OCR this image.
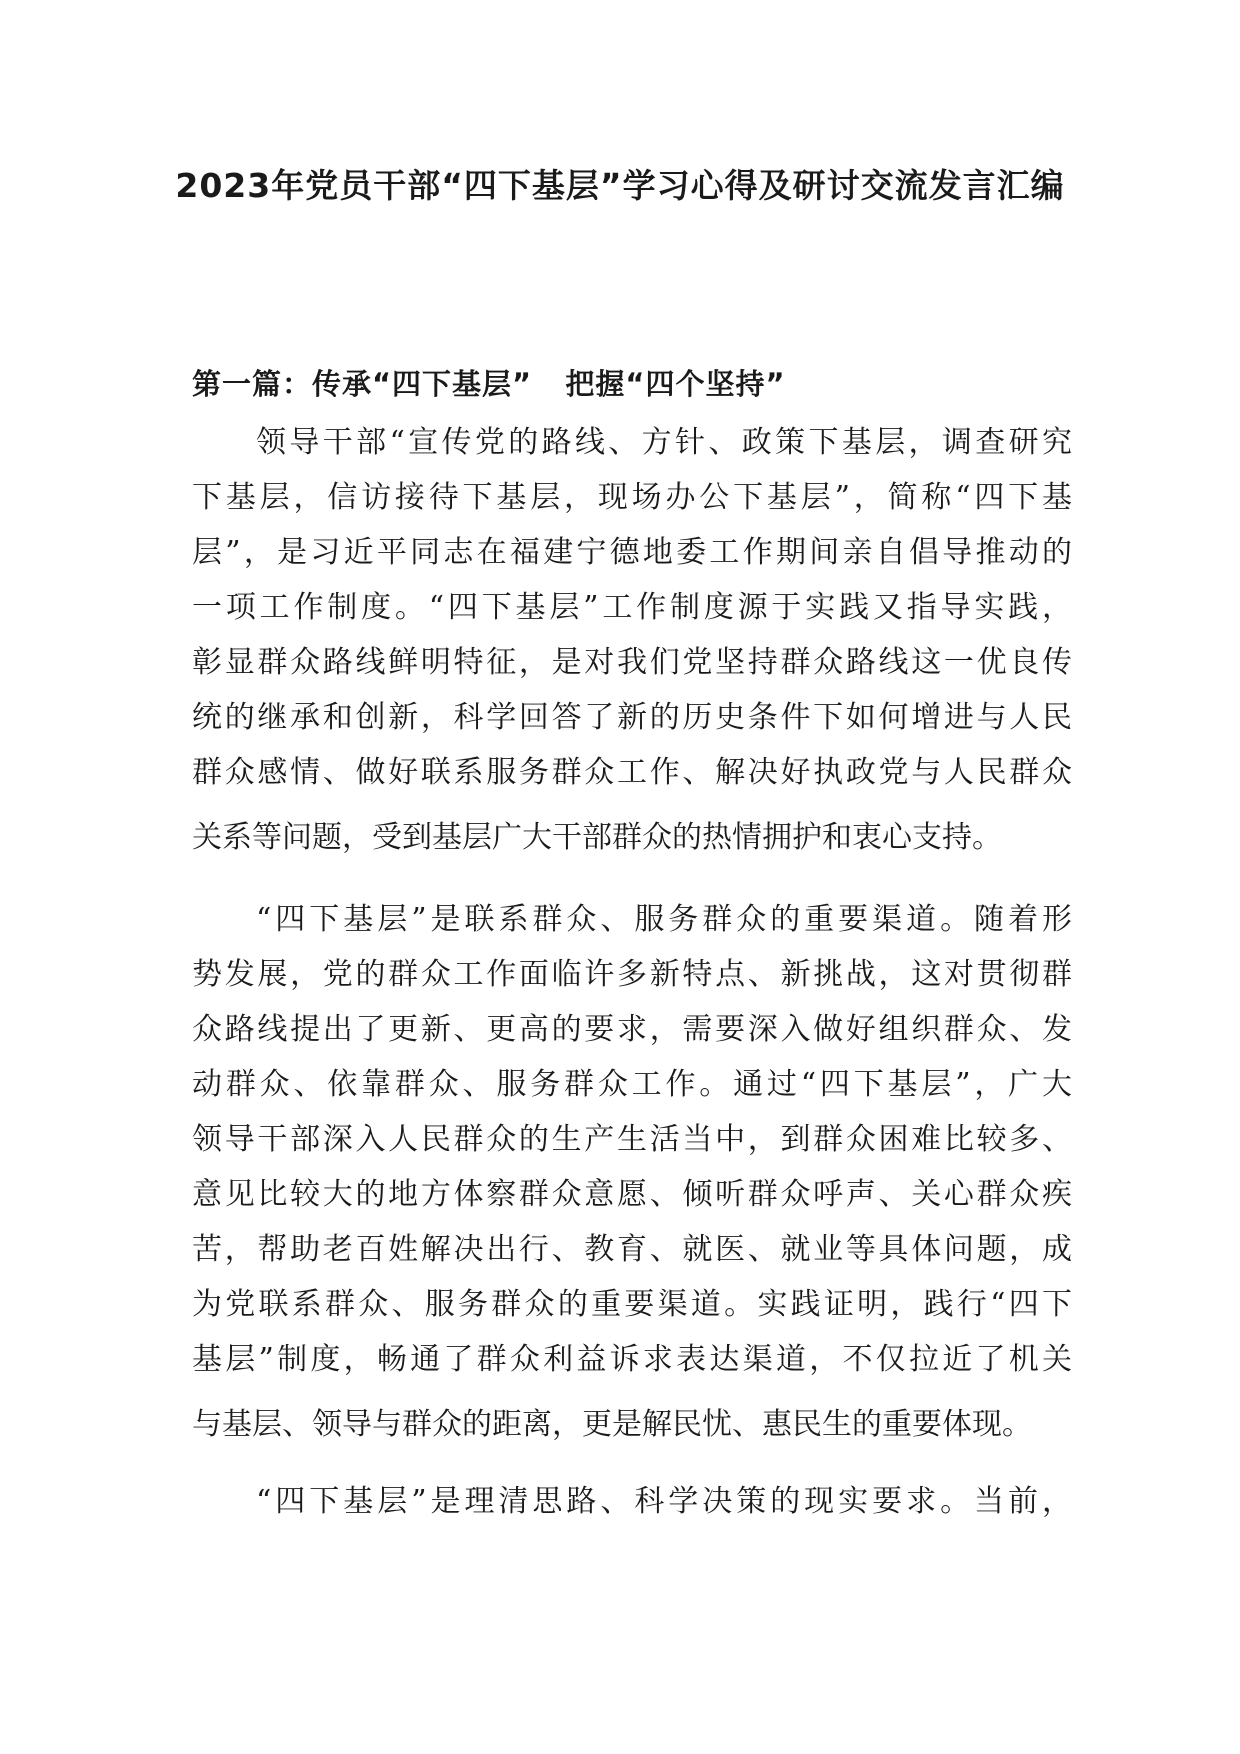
2023年党员干部“四下基层”学习心得及研讨交流发言汇编
第一篇：传承“四下基层”   把握“四个坚持”

领导干部“宣传党的路线、方针、政策下基层，调查研究

下基层，信访接待下基层，现场办公下基层”，简称“四下基

层”，是习近平同志在福建宁德地委工作期间亲自倡导推动的

一项工作制度。“四下基层”工作制度源于实践又指导实践，

彰显群众路线鲜明特征，是对我们党坚持群众路线这一优良传

统的继承和创新，科学回答了新的历史条件下如何增进与人民

群众感情、做好联系服务群众工作、解决好执政党与人民群众

关系等问题，受到基层广大干部群众的热情拥护和衷心支持。

“四下基层”是联系群众、服务群众的重要渠道。随着形

势发展，党的群众工作面临许多新特点、新挑战，这对贯彻群

众路线提出了更新、更高的要求，需要深入做好组织群众、发

动群众、依靠群众、服务群众工作。通过“四下基层”，广大

领导干部深入人民群众的生产生活当中，到群众困难比较多、

意见比较大的地方体察群众意愿、倾听群众呼声、关心群众疾

苦，帮助老百姓解决出行、教育、就医、就业等具体问题，成

为党联系群众、服务群众的重要渠道。实践证明，践行“四下

基层”制度，畅通了群众利益诉求表达渠道，不仅拉近了机关

与基层、领导与群众的距离，更是解民忧、惠民生的重要体现。

“四下基层”是理清思路、科学决策的现实要求。当前，
